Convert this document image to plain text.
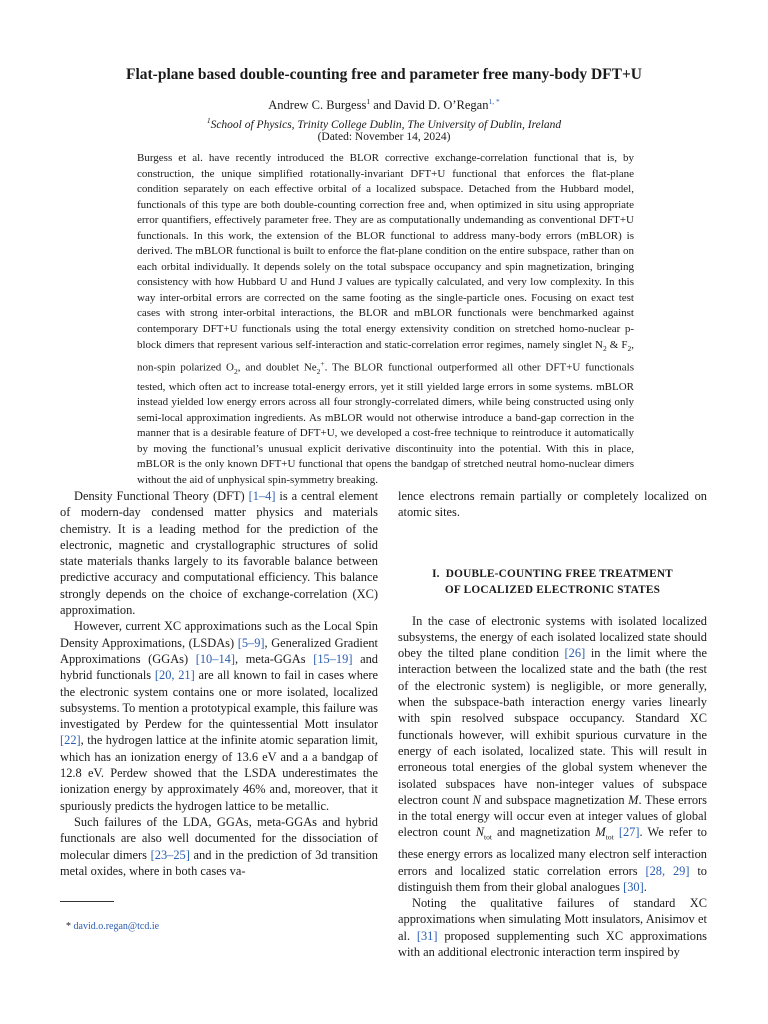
Flat-plane based double-counting free and parameter free many-body DFT+U
Andrew C. Burgess$^1$ and David D. O’Regan$^{1, *}$
$^1$School of Physics, Trinity College Dublin, The University of Dublin, Ireland
(Dated: November 14, 2024)

Burgess et al. have recently introduced the BLOR corrective exchange-correlation functional that is, by construction, the unique simplified rotationally-invariant DFT+U functional that enforces the flat-plane condition separately on each effective orbital of a localized subspace. Detached from the Hubbard model, functionals of this type are both double-counting correction free and, when optimized in situ using appropriate error quantifiers, effectively parameter free. They are as computationally undemanding as conventional DFT+U functionals. In this work, the extension of the BLOR functional to address many-body errors (mBLOR) is derived. The mBLOR functional is built to enforce the flat-plane condition on the entire subspace, rather than on each orbital individually. It depends solely on the total subspace occupancy and spin magnetization, bringing consistency with how Hubbard U and Hund J values are typically calculated, and very low complexity. In this way inter-orbital errors are corrected on the same footing as the single-particle ones. Focusing on exact test cases with strong inter-orbital interactions, the BLOR and mBLOR functionals were benchmarked against contemporary DFT+U functionals using the total energy extensivity condition on stretched homo-nuclear p-block dimers that represent various self-interaction and static-correlation error regimes, namely singlet $N_2$ & $F_2$, non-spin polarized $O_2$, and doublet $Ne_2^+$. The BLOR functional outperformed all other DFT+U functionals tested, which often act to increase total-energy errors, yet it still yielded large errors in some systems. mBLOR instead yielded low energy errors across all four strongly-correlated dimers, while being constructed using only semi-local approximation ingredients. As mBLOR would not otherwise introduce a band-gap correction in the manner that is a desirable feature of DFT+U, we developed a cost-free technique to reintroduce it automatically by moving the functional’s unusual explicit derivative discontinuity into the potential. With this in place, mBLOR is the only known DFT+U functional that opens the bandgap of stretched neutral homo-nuclear dimers without the aid of unphysical spin-symmetry breaking.

Density Functional Theory (DFT) [1–4] is a central element of modern-day condensed matter physics and materials chemistry. It is a leading method for the prediction of the electronic, magnetic and crystallographic structures of solid state materials thanks largely to its favorable balance between predictive accuracy and computational efficiency. This balance strongly depends on the choice of exchange-correlation (XC) approximation.

However, current XC approximations such as the Local Spin Density Approximations, (LSDAs) [5–9], Generalized Gradient Approximations (GGAs) [10–14], meta-GGAs [15–19] and hybrid functionals [20, 21] are all known to fail in cases where the electronic system contains one or more isolated, localized subsystems. To mention a prototypical example, this failure was investigated by Perdew for the quintessential Mott insulator [22], the hydrogen lattice at the infinite atomic separation limit, which has an ionization energy of 13.6 eV and a a bandgap of 12.8 eV. Perdew showed that the LSDA underestimates the ionization energy by approximately 46% and, moreover, that it spuriously predicts the hydrogen lattice to be metallic.

Such failures of the LDA, GGAs, meta-GGAs and hybrid functionals are also well documented for the dissociation of molecular dimers [23–25] and in the prediction of 3d transition metal oxides, where in both cases va-

* david.o.regan@tcd.ie
lence electrons remain partially or completely localized on atomic sites.
I. DOUBLE-COUNTING FREE TREATMENT
OF LOCALIZED ELECTRONIC STATES

In the case of electronic systems with isolated localized subsystems, the energy of each isolated localized state should obey the tilted plane condition [26] in the limit where the interaction between the localized state and the bath (the rest of the electronic system) is negligible, or more generally, when the subspace-bath interaction energy varies linearly with spin resolved subspace occupancy. Standard XC functionals however, will exhibit spurious curvature in the energy of each isolated, localized state. This will result in erroneous total energies of the global system whenever the isolated subspaces have non-integer values of subspace electron count N and subspace magnetization M. These errors in the total energy will occur even at integer values of global electron count $N_{tot}$ and magnetization $M_{tot}$ [27]. We refer to these energy errors as localized many electron self interaction errors and localized static correlation errors [28, 29] to distinguish them from their global analogues [30].

Noting the qualitative failures of standard XC approximations when simulating Mott insulators, Anisimov et al. [31] proposed supplementing such XC approximations with an additional electronic interaction term inspired by
